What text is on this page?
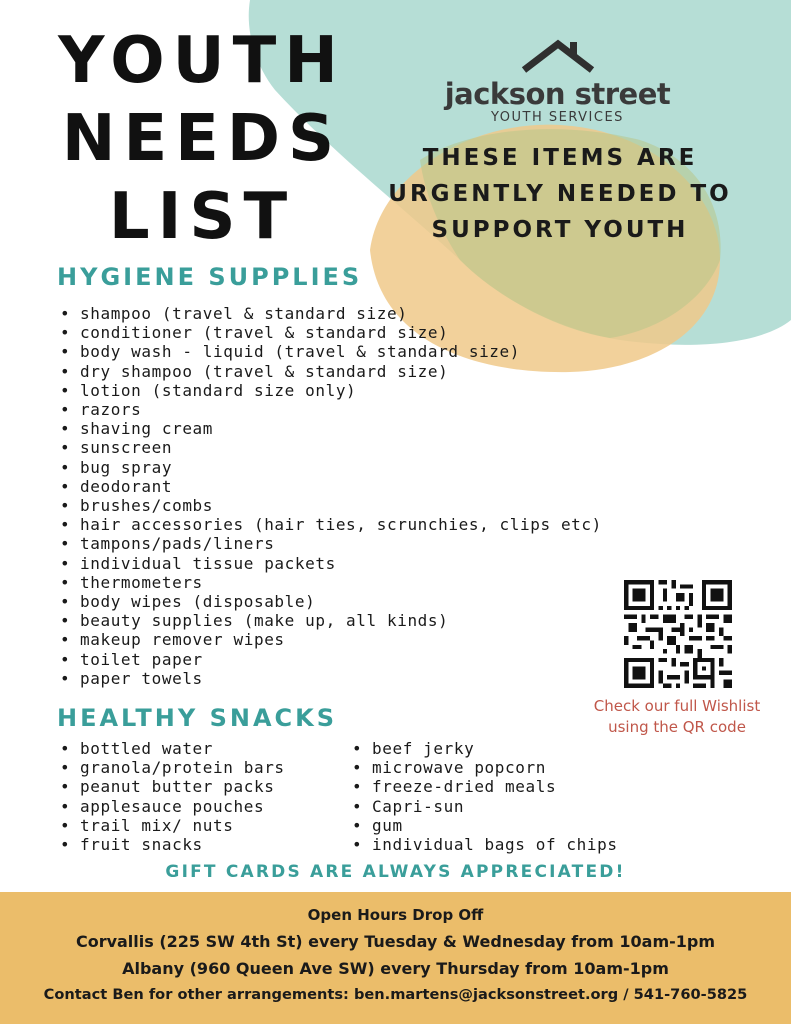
YOUTH
NEEDS
LIST
jackson street
YOUTH SERVICES
THESE ITEMS ARE
URGENTLY NEEDED TO
SUPPORT YOUTH
HYGIENE SUPPLIES
• shampoo (travel & standard size)
• conditioner (travel & standard size)
• body wash - liquid (travel & standard size)
• dry shampoo (travel & standard size)
• lotion (standard size only)
• razors
• shaving cream
• sunscreen
• bug spray
• deodorant
• brushes/combs
• hair accessories (hair ties, scrunchies, clips etc)
• tampons/pads/liners
• individual tissue packets
• thermometers
• body wipes (disposable)
• beauty supplies (make up, all kinds)
• makeup remover wipes
• toilet paper
• paper towels
Check our full Wishlist
using the QR code
HEALTHY SNACKS
• bottled water
• granola/protein bars
• peanut butter packs
• applesauce pouches
• trail mix/ nuts
• fruit snacks
• beef jerky
• microwave popcorn
• freeze-dried meals
• Capri-sun
• gum
• individual bags of chips
GIFT CARDS ARE ALWAYS APPRECIATED!
Open Hours Drop Off
Corvallis (225 SW 4th St) every Tuesday & Wednesday from 10am-1pm
Albany (960 Queen Ave SW) every Thursday from 10am-1pm
Contact Ben for other arrangements: ben.martens@jacksonstreet.org / 541-760-5825
